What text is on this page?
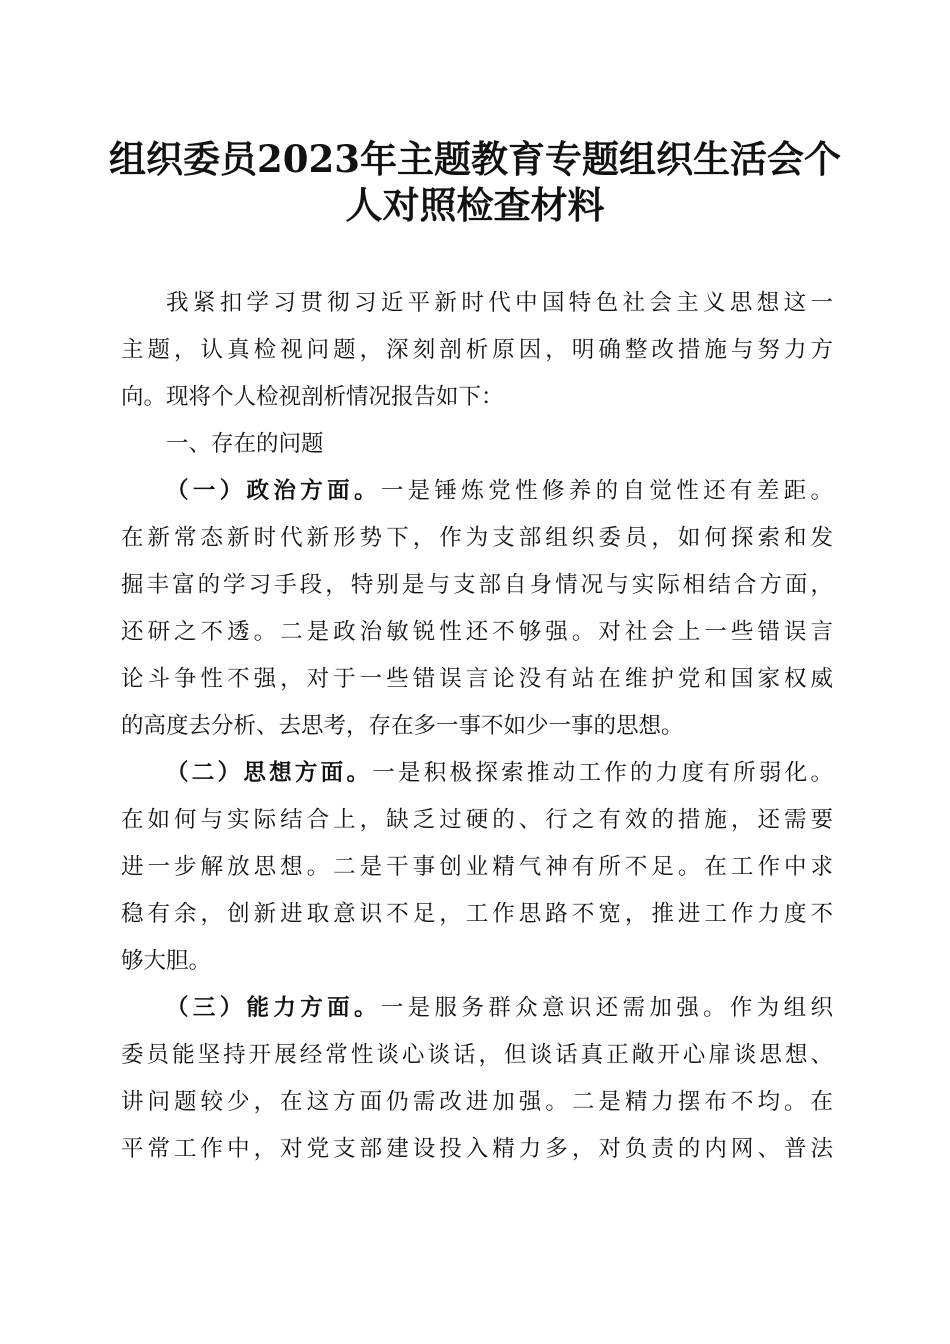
组织委员2023年主题教育专题组织生活会个
人对照检查材料
我紧扣学习贯彻习近平新时代中国特色社会主义思想这一
主题，认真检视问题，深刻剖析原因，明确整改措施与努力方
向。现将个人检视剖析情况报告如下：
一、存在的问题
（一）政治方面。一是锤炼党性修养的自觉性还有差距。
在新常态新时代新形势下，作为支部组织委员，如何探索和发
掘丰富的学习手段，特别是与支部自身情况与实际相结合方面，
还研之不透。二是政治敏锐性还不够强。对社会上一些错误言
论斗争性不强，对于一些错误言论没有站在维护党和国家权威
的高度去分析、去思考，存在多一事不如少一事的思想。
（二）思想方面。一是积极探索推动工作的力度有所弱化。
在如何与实际结合上，缺乏过硬的、行之有效的措施，还需要
进一步解放思想。二是干事创业精气神有所不足。在工作中求
稳有余，创新进取意识不足，工作思路不宽，推进工作力度不
够大胆。
（三）能力方面。一是服务群众意识还需加强。作为组织
委员能坚持开展经常性谈心谈话，但谈话真正敞开心扉谈思想、
讲问题较少，在这方面仍需改进加强。二是精力摆布不均。在
平常工作中，对党支部建设投入精力多，对负责的内网、普法
